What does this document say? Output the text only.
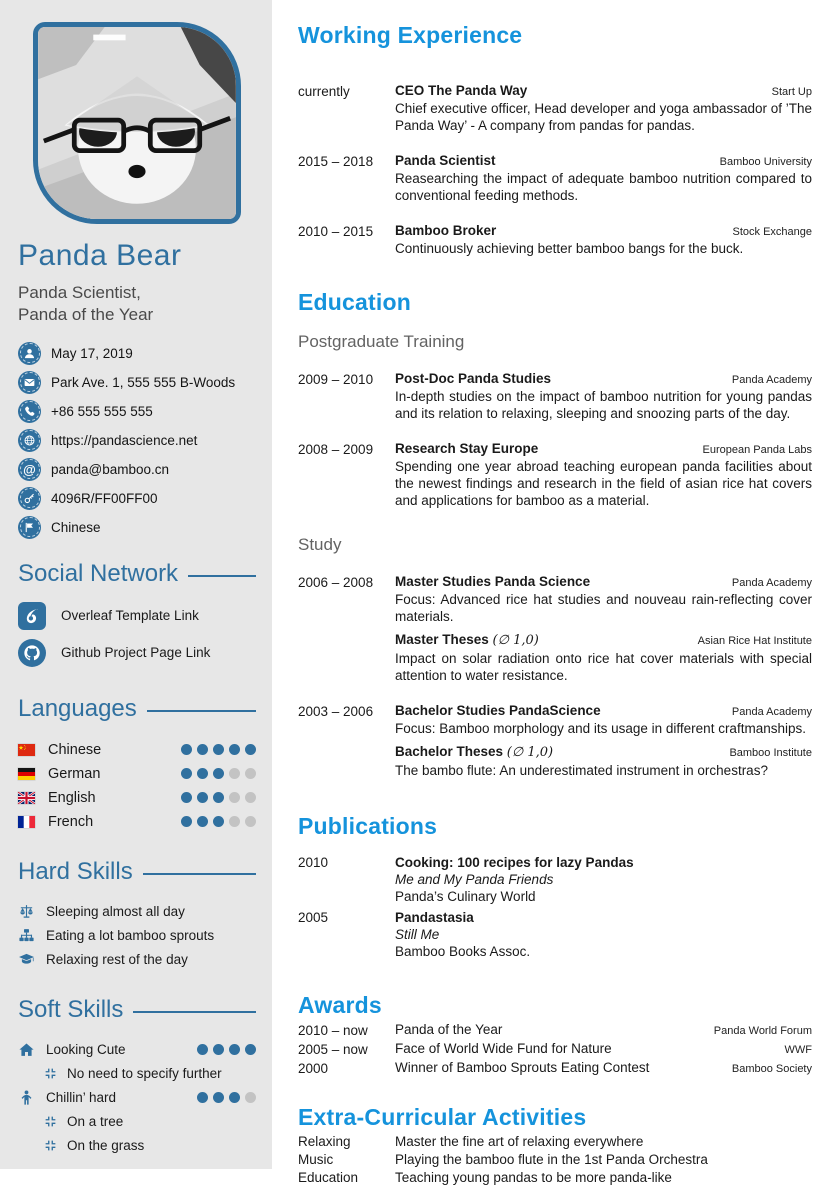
Panda Bear
Panda Scientist,
Panda of the Year
May 17, 2019
Park Ave. 1, 555 555 B-Woods
+86 555 555 555
https://pandascience.net
@ panda@bamboo.cn
4096R/FF00FF00
Chinese
Social Network
Overleaf Template Link
Github Project Page Link
Languages
Chinese
German
English
French
Hard Skills
Sleeping almost all day
Eating a lot bamboo sprouts
Relaxing rest of the day
Soft Skills
Looking Cute
No need to specify further
Chillin’ hard
On a tree
On the grass
Working Experience
currently	CEO The Panda Way	Start Up
Chief executive officer, Head developer and yoga ambassador of ’The Panda Way’ - A company from pandas for pandas.
2015 – 2018	Panda Scientist	Bamboo University
Reasearching the impact of adequate bamboo nutrition compared to conventional feeding methods.
2010 – 2015	Bamboo Broker	Stock Exchange
Continuously achieving better bamboo bangs for the buck.
Education
Postgraduate Training
2009 – 2010	Post-Doc Panda Studies	Panda Academy
In-depth studies on the impact of bamboo nutrition for young pandas and its relation to relaxing, sleeping and snoozing parts of the day.
2008 – 2009	Research Stay Europe	European Panda Labs
Spending one year abroad teaching european panda facilities about the newest findings and research in the field of asian rice hat covers and applications for bamboo as a material.
Study
2006 – 2008	Master Studies Panda Science	Panda Academy
Focus: Advanced rice hat studies and nouveau rain-reflecting cover materials.
Master Theses (∅ 1,0)	Asian Rice Hat Institute
Impact on solar radiation onto rice hat cover materials with special attention to water resistance.
2003 – 2006	Bachelor Studies PandaScience	Panda Academy
Focus: Bamboo morphology and its usage in different craftmanships.
Bachelor Theses (∅ 1,0)	Bamboo Institute
The bambo flute: An underestimated instrument in orchestras?
Publications
2010	Cooking: 100 recipes for lazy Pandas
Me and My Panda Friends
Panda’s Culinary World
2005	Pandastasia
Still Me
Bamboo Books Assoc.
Awards
2010 – now	Panda of the Year	Panda World Forum
2005 – now	Face of World Wide Fund for Nature	WWF
2000	Winner of Bamboo Sprouts Eating Contest	Bamboo Society
Extra-Curricular Activities
Relaxing	Master the fine art of relaxing everywhere
Music	Playing the bamboo flute in the 1st Panda Orchestra
Education	Teaching young pandas to be more panda-like
